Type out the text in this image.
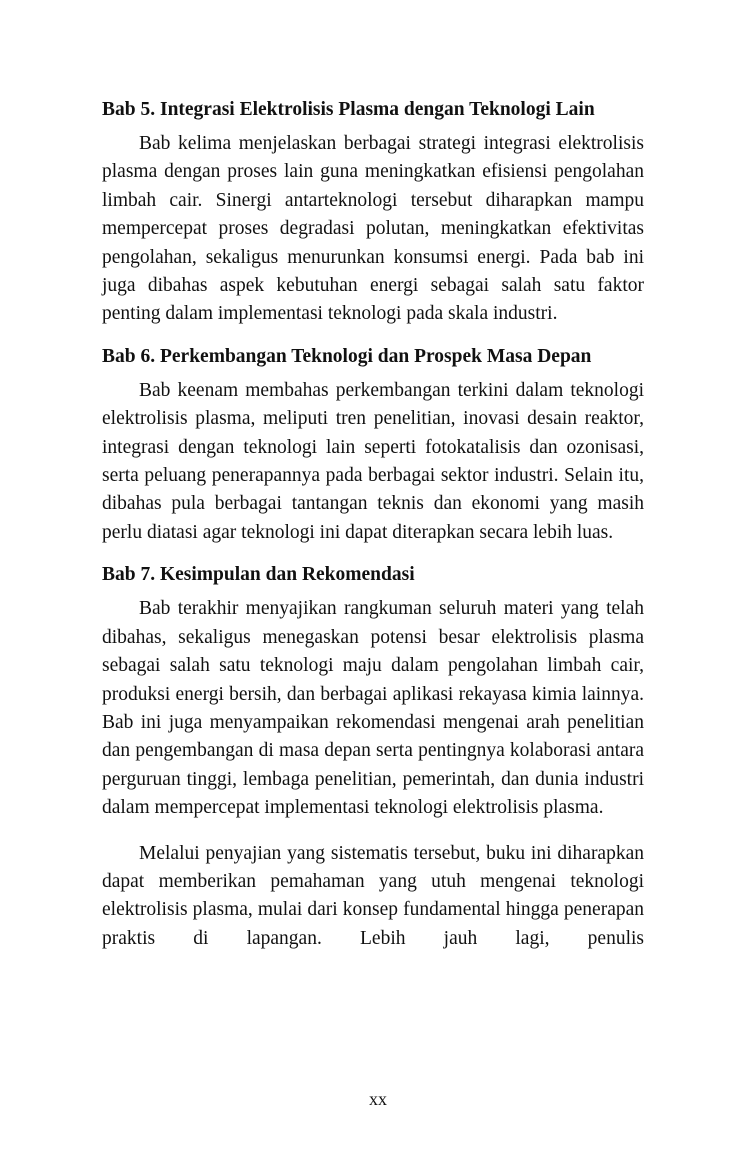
Bab 5. Integrasi Elektrolisis Plasma dengan Teknologi Lain

Bab kelima menjelaskan berbagai strategi integrasi elektrolisis plasma dengan proses lain guna meningkatkan efisiensi pengolahan limbah cair. Sinergi antarteknologi tersebut diharapkan mampu mempercepat proses degradasi polutan, meningkatkan efektivitas pengolahan, sekaligus menurunkan konsumsi energi. Pada bab ini juga dibahas aspek kebutuhan energi sebagai salah satu faktor penting dalam implementasi teknologi pada skala industri.

Bab 6. Perkembangan Teknologi dan Prospek Masa Depan

Bab keenam membahas perkembangan terkini dalam teknologi elektrolisis plasma, meliputi tren penelitian, inovasi desain reaktor, integrasi dengan teknologi lain seperti fotokatalisis dan ozonisasi, serta peluang penerapannya pada berbagai sektor industri. Selain itu, dibahas pula berbagai tantangan teknis dan ekonomi yang masih perlu diatasi agar teknologi ini dapat diterapkan secara lebih luas.

Bab 7. Kesimpulan dan Rekomendasi

Bab terakhir menyajikan rangkuman seluruh materi yang telah dibahas, sekaligus menegaskan potensi besar elektrolisis plasma sebagai salah satu teknologi maju dalam pengolahan limbah cair, produksi energi bersih, dan berbagai aplikasi rekayasa kimia lainnya. Bab ini juga menyampaikan rekomendasi mengenai arah penelitian dan pengembangan di masa depan serta pentingnya kolaborasi antara perguruan tinggi, lembaga penelitian, pemerintah, dan dunia industri dalam mempercepat implementasi teknologi elektrolisis plasma.

Melalui penyajian yang sistematis tersebut, buku ini diharapkan dapat memberikan pemahaman yang utuh mengenai teknologi elektrolisis plasma, mulai dari konsep fundamental hingga penerapan praktis di lapangan. Lebih jauh lagi, penulis

xx
